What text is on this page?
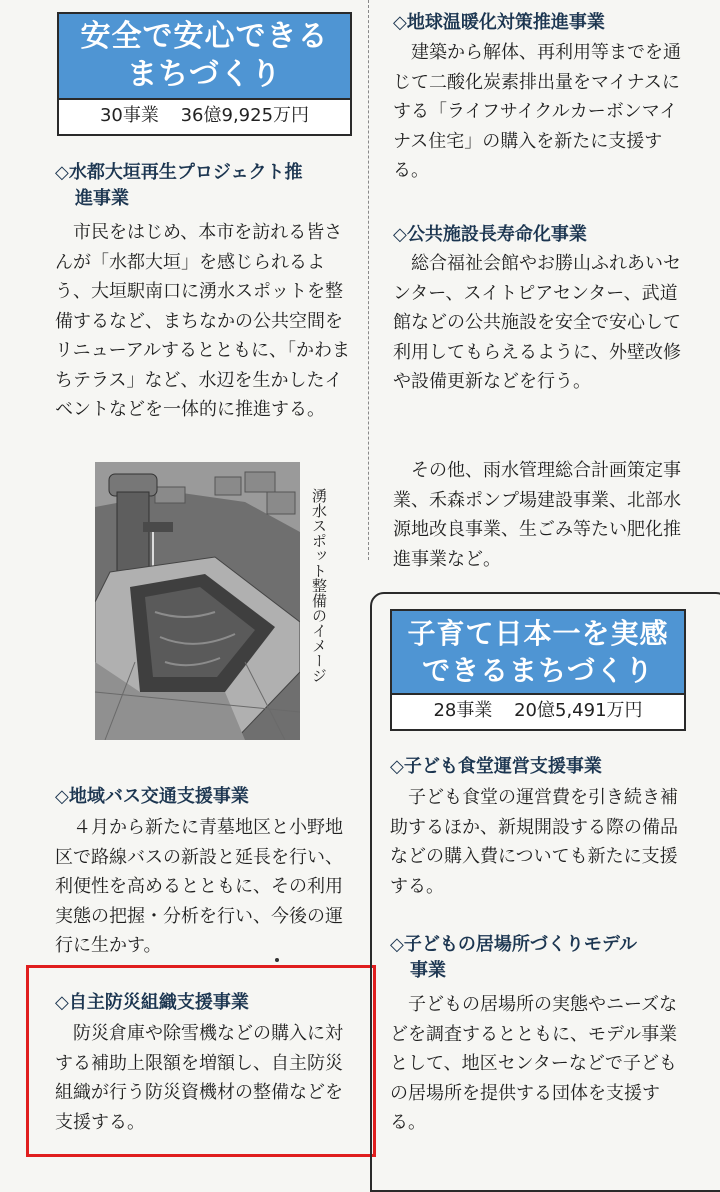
安全で安心できる
まちづくり
30事業 36億9,925万円
◇水都大垣再生プロジェクト推
進事業
市民をはじめ、本市を訪れる皆さんが「水都大垣」を感じられるよう、大垣駅南口に湧水スポットを整備するなど、まちなかの公共空間をリニューアルするとともに、「かわまちテラス」など、水辺を生かしたイベントなどを一体的に推進する。
湧水スポット整備のイメージ
◇地域バス交通支援事業
４月から新たに青墓地区と小野地区で路線バスの新設と延長を行い、利便性を高めるとともに、その利用実態の把握・分析を行い、今後の運行に生かす。
◇自主防災組織支援事業
防災倉庫や除雪機などの購入に対する補助上限額を増額し、自主防災組織が行う防災資機材の整備などを支援する。
◇地球温暖化対策推進事業
建築から解体、再利用等までを通じて二酸化炭素排出量をマイナスにする「ライフサイクルカーボンマイナス住宅」の購入を新たに支援する。
◇公共施設長寿命化事業
総合福祉会館やお勝山ふれあいセンター、スイトピアセンター、武道館などの公共施設を安全で安心して利用してもらえるように、外壁改修や設備更新などを行う。
その他、雨水管理総合計画策定事業、禾森ポンプ場建設事業、北部水源地改良事業、生ごみ等たい肥化推進事業など。
子育て日本一を実感
できるまちづくり
28事業 20億5,491万円
◇子ども食堂運営支援事業
子ども食堂の運営費を引き続き補助するほか、新規開設する際の備品などの購入費についても新たに支援する。
◇子どもの居場所づくりモデル
事業
子どもの居場所の実態やニーズなどを調査するとともに、モデル事業として、地区センターなどで子どもの居場所を提供する団体を支援する。
